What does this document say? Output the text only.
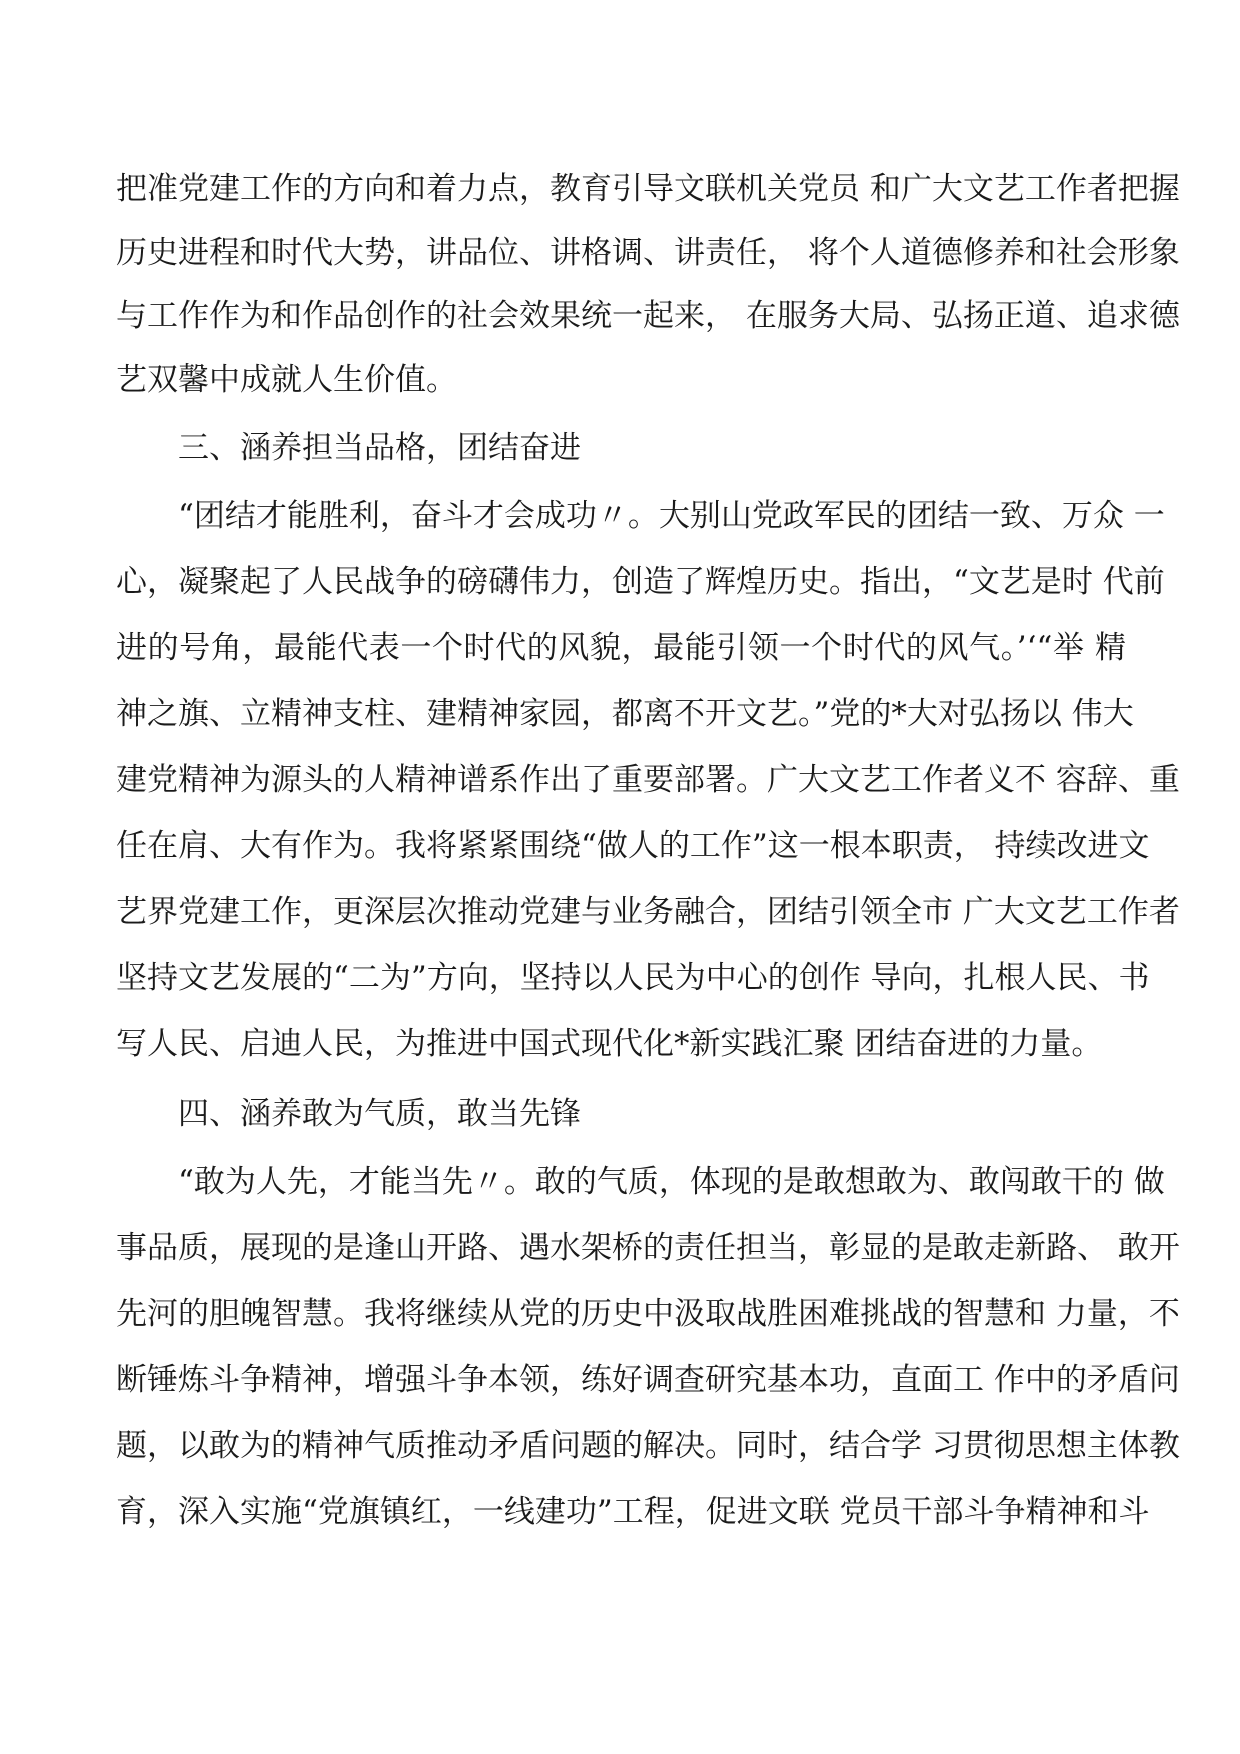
把准党建工作的方向和着力点，教育引导文联机关党员 和广大文艺工作者把握

历史进程和时代大势，讲品位、讲格调、讲责任， 将个人道德修养和社会形象

与工作作为和作品创作的社会效果统一起来， 在服务大局、弘扬正道、追求德

艺双馨中成就人生价值。

三、涵养担当品格，团结奋进

“团结才能胜利，奋斗才会成功〃。大别山党政军民的团结一致、万众 一

心，凝聚起了人民战争的磅礴伟力，创造了辉煌历史。指出，“文艺是时 代前

进的号角，最能代表一个时代的风貌，最能引领一个时代的风气。’‘“举 精

神之旗、立精神支柱、建精神家园，都离不开文艺。”党的*大对弘扬以 伟大

建党精神为源头的人精神谱系作出了重要部署。广大文艺工作者义不 容辞、重

任在肩、大有作为。我将紧紧围绕“做人的工作”这一根本职责， 持续改进文

艺界党建工作，更深层次推动党建与业务融合，团结引领全市 广大文艺工作者

坚持文艺发展的“二为”方向，坚持以人民为中心的创作 导向，扎根人民、书

写人民、启迪人民，为推进中国式现代化*新实践汇聚 团结奋进的力量。

四、涵养敢为气质，敢当先锋

“敢为人先，才能当先〃。敢的气质，体现的是敢想敢为、敢闯敢干的 做

事品质，展现的是逢山开路、遇水架桥的责任担当，彰显的是敢走新路、 敢开

先河的胆魄智慧。我将继续从党的历史中汲取战胜困难挑战的智慧和 力量，不

断锤炼斗争精神，增强斗争本领，练好调查研究基本功，直面工 作中的矛盾问

题，以敢为的精神气质推动矛盾问题的解决。同时，结合学 习贯彻思想主体教

育，深入实施“党旗镇红，一线建功”工程，促进文联 党员干部斗争精神和斗
